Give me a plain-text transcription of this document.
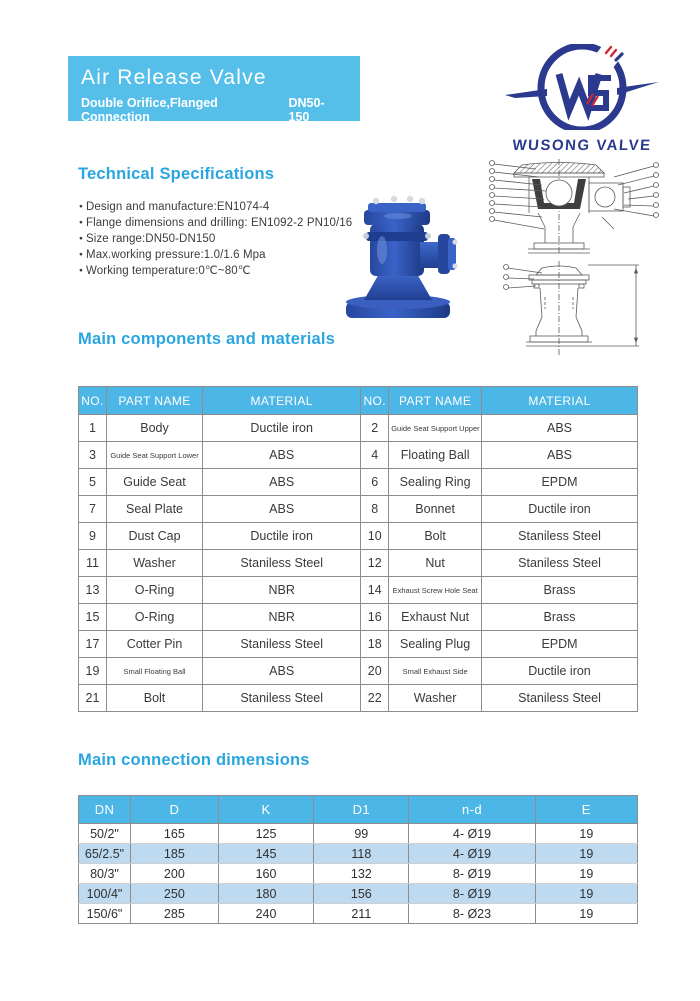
Air Release Valve
Double Orifice,Flanged Connection
DN50-150
WUSONG VALVE
Technical Specifications
● Design and manufacture:EN1074-4
● Flange dimensions and drilling: EN1092-2 PN10/16
● Size range:DN50-DN150
● Max.working pressure:1.0/1.6 Mpa
● Working temperature:0℃~80℃
Main components and materials
NO.	PART NAME	MATERIAL	NO.	PART NAME	MATERIAL
1	Body	Ductile iron	2	Guide Seat Support Upper	ABS
3	Guide Seat Support Lower	ABS	4	Floating Ball	ABS
5	Guide Seat	ABS	6	Sealing Ring	EPDM
7	Seal Plate	ABS	8	Bonnet	Ductile iron
9	Dust Cap	Ductile iron	10	Bolt	Staniless Steel
11	Washer	Staniless Steel	12	Nut	Staniless Steel
13	O-Ring	NBR	14	Exhaust Screw Hole Seat	Brass
15	O-Ring	NBR	16	Exhaust Nut	Brass
17	Cotter Pin	Staniless Steel	18	Sealing Plug	EPDM
19	Small Floating Ball	ABS	20	Small Exhaust Side	Ductile iron
21	Bolt	Staniless Steel	22	Washer	Staniless Steel
Main connection dimensions
DN	D	K	D1	n-d	E
50/2"	165	125	99	4- Ø19	19
65/2.5"	185	145	118	4- Ø19	19
80/3"	200	160	132	8- Ø19	19
100/4"	250	180	156	8- Ø19	19
150/6"	285	240	211	8- Ø23	19
